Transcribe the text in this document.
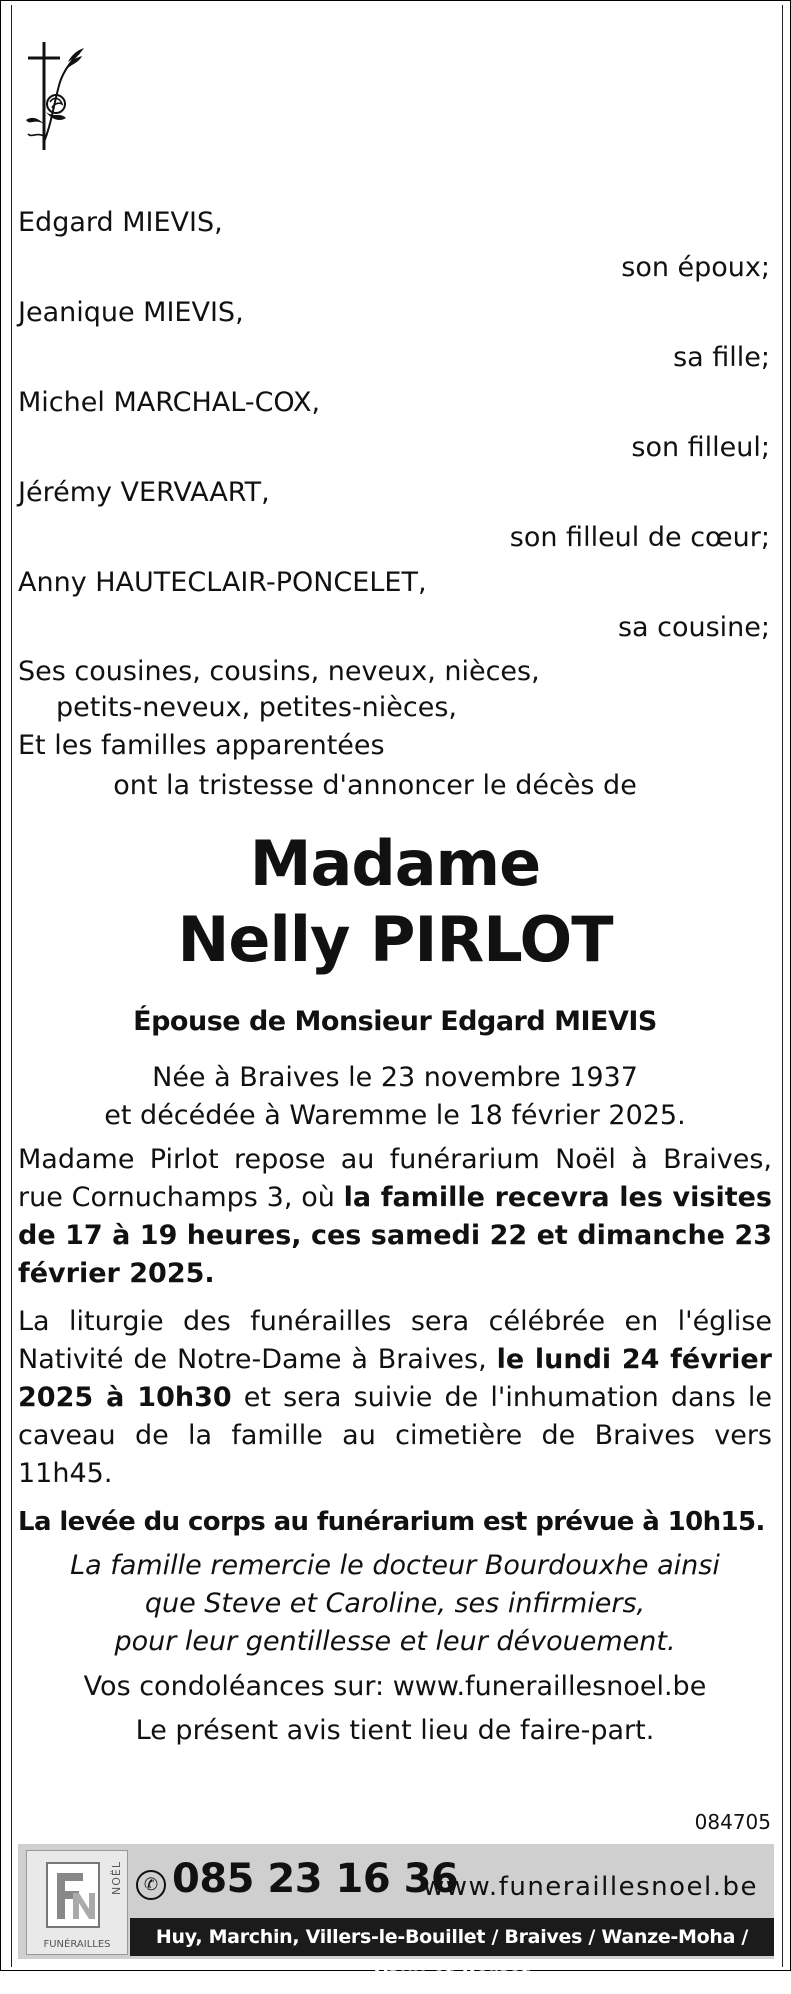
Edgard MIEVIS,
son époux;
Jeanique MIEVIS,
sa fille;
Michel MARCHAL-COX,
son filleul;
Jérémy VERVAART,
son filleul de cœur;
Anny HAUTECLAIR-PONCELET,
sa cousine;
Ses cousines, cousins, neveux, nièces,
petits-neveux, petites-nièces,
Et les familles apparentées
ont la tristesse d'annoncer le décès de
Madame
Nelly PIRLOT
Épouse de Monsieur Edgard MIEVIS
Née à Braives le 23 novembre 1937
et décédée à Waremme le 18 février 2025.
Madame Pirlot repose au funérarium Noël à Braives, rue Cornuchamps 3, où la famille recevra les visites de 17 à 19 heures, ces samedi 22 et dimanche 23 février 2025.
La liturgie des funérailles sera célébrée en l'église Nativité de Notre-Dame à Braives, le lundi 24 février 2025 à 10h30 et sera suivie de l'inhumation dans le caveau de la famille au cimetière de Braives vers 11h45.
La levée du corps au funérarium est prévue à 10h15.
La famille remercie le docteur Bourdouxhe ainsi
que Steve et Caroline, ses infirmiers,
pour leur gentillesse et leur dévouement.
Vos condoléances sur: www.funeraillesnoel.be
Le présent avis tient lieu de faire-part.
084705
NOËL
FUNÉRAILLES
✆ 085 23 16 36
www.funeraillesnoel.be
Huy, Marchin, Villers-le-Bouillet / Braives / Wanze-Moha / Vaux-et-Borset
